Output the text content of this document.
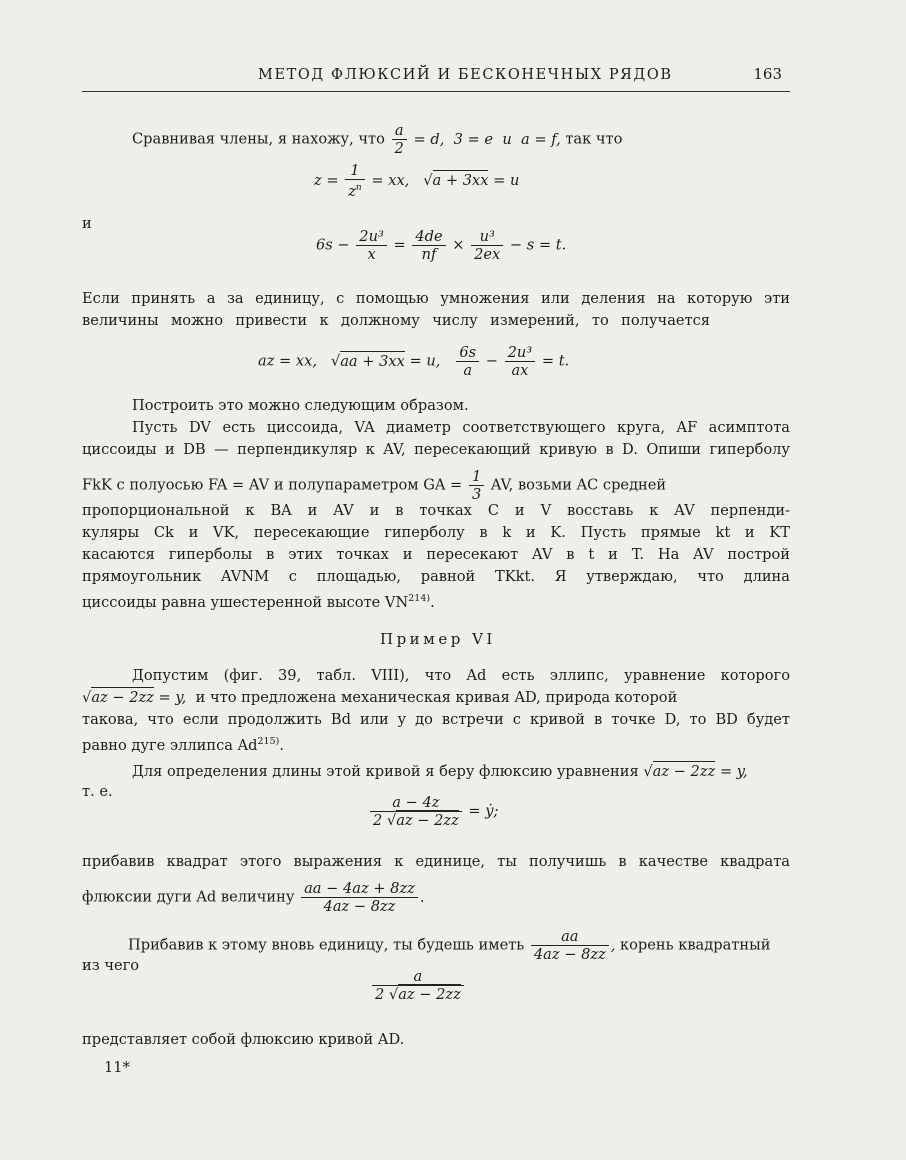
МЕТОД ФЛЮКСИЙ И БЕСКОНЕЧНЫХ РЯДОВ	163
Сравнивая члены, я нахожу, что $\frac{a}{2} = d$,  3 = e  и  a = f, так что
$z = \frac{1}{z^n}$ = xx,   √a + 3xx = u
и
$6s - \frac{\text{2u³}}{x} = \frac{4de}{nf} \times \frac{\text{u³}}{2ex} - s = t$.
Если принять a за единицу, с помощью умножения или деления на которую эти
величины можно привести к должному числу измерений, то получается
az = xx,   √aa + 3xx = u, $\frac{6s}{a} - \frac{\text{2u³}}{ax} = t$.
Построить это можно следующим образом.
Пусть DV есть циссоида, VA диаметр соответствующего круга, AF асимптота
циссоиды и DB — перпендикуляр к AV, пересекающий кривую в D. Опиши гиперболу
FkK с полуосью FA = AV и полупараметром GA = $\frac{1}{3}$ AV, возьми AC средней
пропорциональной к BA и AV и в точках C и V восставь к AV перпенди-
куляры Ck и VK, пересекающие гиперболу в k и K. Пусть прямые kt и KT
касаются гиперболы в этих точках и пересекают AV в t и T. На AV построй
прямоугольник AVNM с площадью, равной TKkt. Я утверждаю, что длина
циссоиды равна ушестеренной высоте VN$^{214)}$.
Пример VI
Допустим (фиг. 39, табл. VIII), что Ad есть эллипс, уравнение которого
√az − 2zz = y, и что предложена механическая кривая AD, природа которой
такова, что если продолжить Bd или y до встречи с кривой в точке D, то BD будет
равно дуге эллипса Ad$^{215)}$.
Для определения длины этой кривой я беру флюксию уравнения √az − 2zz = y,
т. е.
$\frac{a - 4z}{2 √az - 2zz}$ = ẏ;
прибавив квадрат этого выражения к единице, ты получишь в качестве квадрата
флюксии дуги Ad величину $\frac{aa - 4az + 8zz}{4az - 8zz}$ .
Прибавив к этому вновь единицу, ты будешь иметь $\frac{aa}{4az - 8zz}$ , корень квадратный
из чего
$\frac{a}{2 √az - 2zz}$
представляет собой флюксию кривой AD.
11*
